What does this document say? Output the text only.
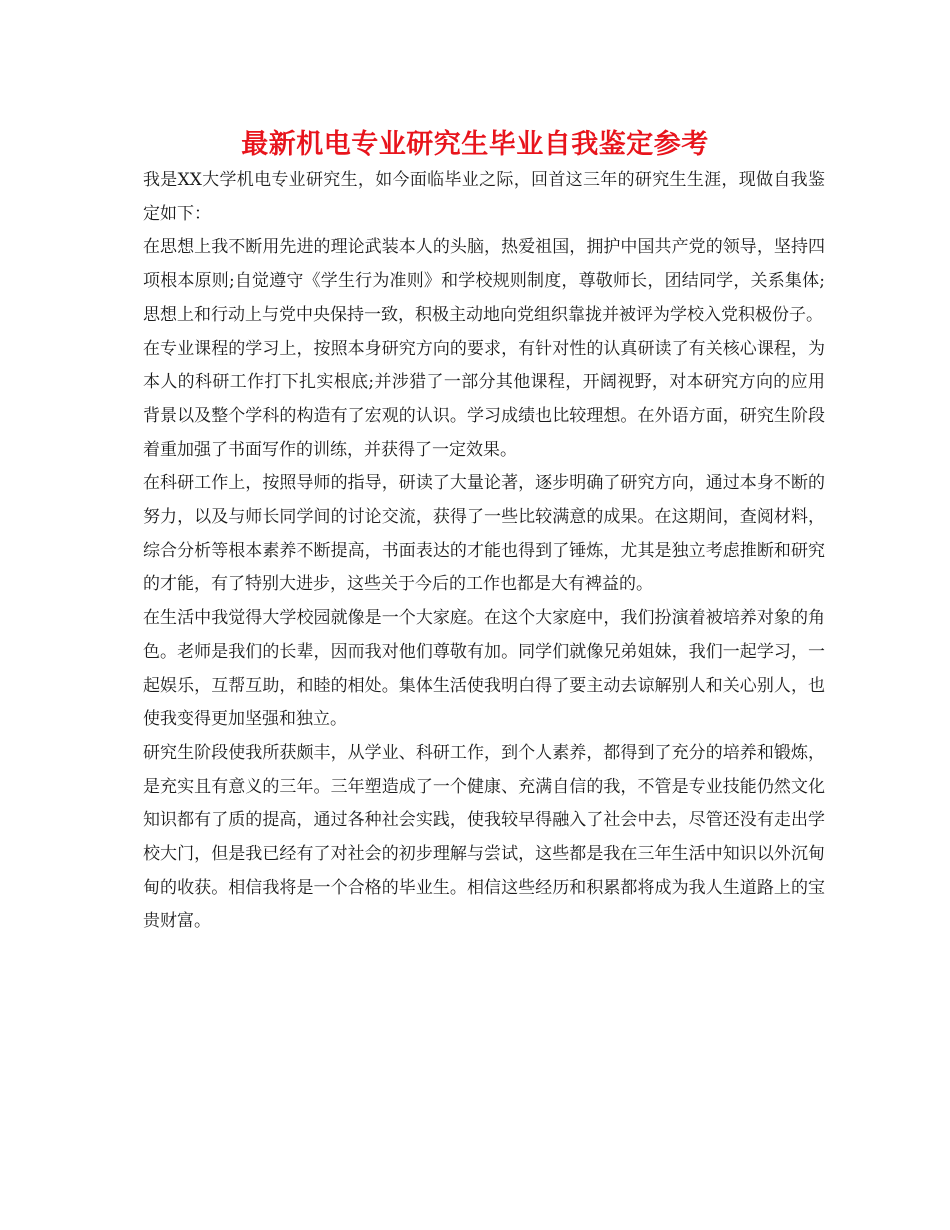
最新机电专业研究生毕业自我鉴定参考

我是XX大学机电专业研究生，如今面临毕业之际，回首这三年的研究生生涯，现做自我鉴定如下：

在思想上我不断用先进的理论武装本人的头脑，热爱祖国，拥护中国共产党的领导，坚持四项根本原则;自觉遵守《学生行为准则》和学校规则制度，尊敬师长，团结同学，关系集体;思想上和行动上与党中央保持一致，积极主动地向党组织靠拢并被评为学校入党积极份子。

在专业课程的学习上，按照本身研究方向的要求，有针对性的认真研读了有关核心课程，为本人的科研工作打下扎实根底;并涉猎了一部分其他课程，开阔视野，对本研究方向的应用背景以及整个学科的构造有了宏观的认识。学习成绩也比较理想。在外语方面，研究生阶段着重加强了书面写作的训练，并获得了一定效果。

在科研工作上，按照导师的指导，研读了大量论著，逐步明确了研究方向，通过本身不断的努力，以及与师长同学间的讨论交流，获得了一些比较满意的成果。在这期间，查阅材料，综合分析等根本素养不断提高，书面表达的才能也得到了锤炼，尤其是独立考虑推断和研究的才能，有了特别大进步，这些关于今后的工作也都是大有裨益的。

在生活中我觉得大学校园就像是一个大家庭。在这个大家庭中，我们扮演着被培养对象的角色。老师是我们的长辈，因而我对他们尊敬有加。同学们就像兄弟姐妹，我们一起学习，一起娱乐，互帮互助，和睦的相处。集体生活使我明白得了要主动去谅解别人和关心别人，也使我变得更加坚强和独立。

研究生阶段使我所获颇丰，从学业、科研工作，到个人素养，都得到了充分的培养和锻炼，是充实且有意义的三年。三年塑造成了一个健康、充满自信的我，不管是专业技能仍然文化知识都有了质的提高，通过各种社会实践，使我较早得融入了社会中去，尽管还没有走出学校大门，但是我已经有了对社会的初步理解与尝试，这些都是我在三年生活中知识以外沉甸甸的收获。相信我将是一个合格的毕业生。相信这些经历和积累都将成为我人生道路上的宝贵财富。
